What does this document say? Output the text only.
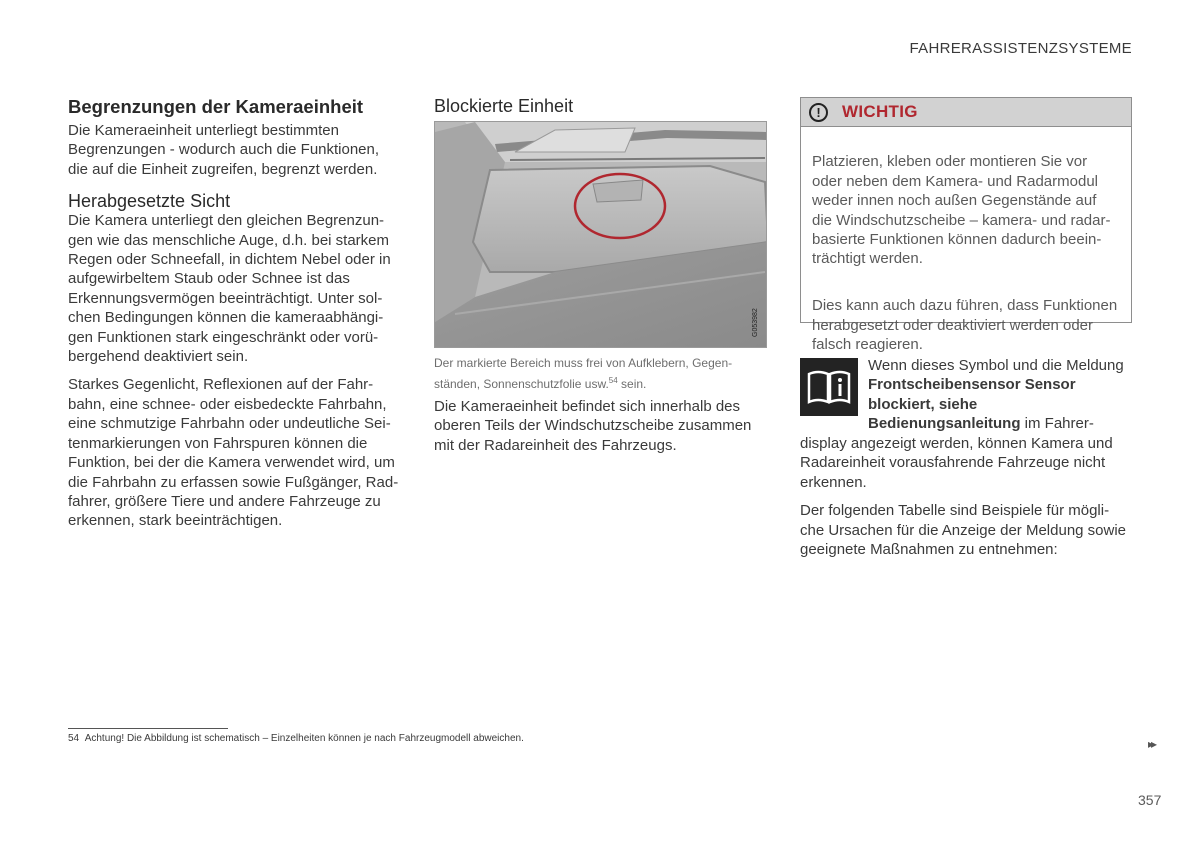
FAHRERASSISTENZSYSTEME
Begrenzungen der Kameraeinheit

Die Kameraeinheit unterliegt bestimmten
Begrenzungen - wodurch auch die Funktionen,
die auf die Einheit zugreifen, begrenzt werden.

Herabgesetzte Sicht

Die Kamera unterliegt den gleichen Begrenzun-
gen wie das menschliche Auge, d.h. bei starkem
Regen oder Schneefall, in dichtem Nebel oder in
aufgewirbeltem Staub oder Schnee ist das
Erkennungsvermögen beeinträchtigt. Unter sol-
chen Bedingungen können die kameraabhängi-
gen Funktionen stark eingeschränkt oder vorü-
bergehend deaktiviert sein.

Starkes Gegenlicht, Reflexionen auf der Fahr-
bahn, eine schnee- oder eisbedeckte Fahrbahn,
eine schmutzige Fahrbahn oder undeutliche Sei-
tenmarkierungen von Fahrspuren können die
Funktion, bei der die Kamera verwendet wird, um
die Fahrbahn zu erfassen sowie Fußgänger, Rad-
fahrer, größere Tiere und andere Fahrzeuge zu
erkennen, stark beeinträchtigen.

Blockierte Einheit
G053982
Der markierte Bereich muss frei von Aufklebern, Gegen-
ständen, Sonnenschutzfolie usw.$^{54}$ sein.

Die Kameraeinheit befindet sich innerhalb des
oberen Teils der Windschutzscheibe zusammen
mit der Radareinheit des Fahrzeugs.

!	WICHTIG

Platzieren, kleben oder montieren Sie vor
oder neben dem Kamera- und Radarmodul
weder innen noch außen Gegenstände auf
die Windschutzscheibe – kamera- und radar-
basierte Funktionen können dadurch beein-
trächtigt werden.

Dies kann auch dazu führen, dass Funktionen
herabgesetzt oder deaktiviert werden oder
falsch reagieren.

Wenn dieses Symbol und die Meldung

Frontscheibensensor Sensor

blockiert, siehe

Bedienungsanleitung im Fahrer-

display angezeigt werden, können Kamera und
Radareinheit vorausfahrende Fahrzeuge nicht
erkennen.

Der folgenden Tabelle sind Beispiele für mögli-
che Ursachen für die Anzeige der Meldung sowie
geeignete Maßnahmen zu entnehmen:

54 Achtung! Die Abbildung ist schematisch – Einzelheiten können je nach Fahrzeugmodell abweichen.	▸▸
357
